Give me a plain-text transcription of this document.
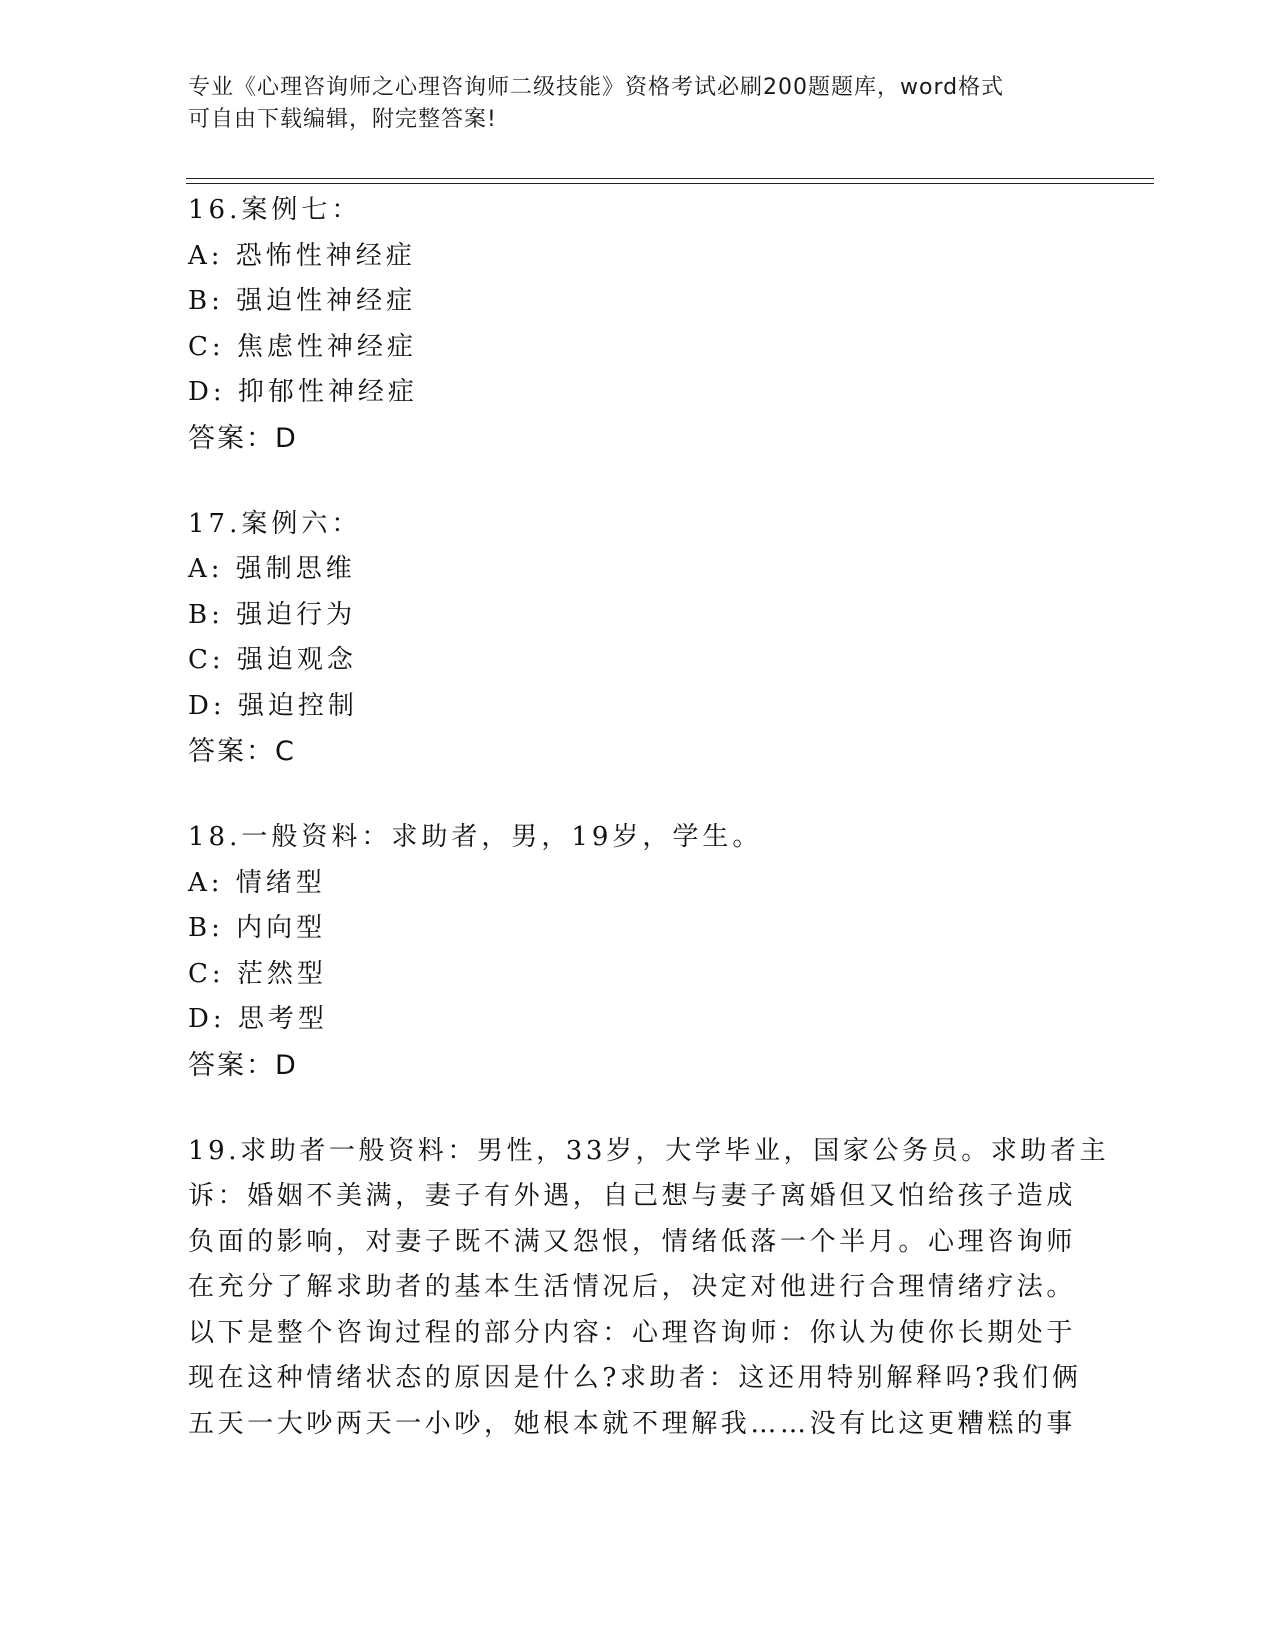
专业《心理咨询师之心理咨询师二级技能》资格考试必刷200题题库，word格式
可自由下载编辑，附完整答案!
16.案例七：
A: 恐怖性神经症
B: 强迫性神经症
C: 焦虑性神经症
D: 抑郁性神经症
答案：D
17.案例六：
A: 强制思维
B: 强迫行为
C: 强迫观念
D: 强迫控制
答案：C
18.一般资料：求助者，男，19岁，学生。
A: 情绪型
B: 内向型
C: 茫然型
D: 思考型
答案：D
19.求助者一般资料：男性，33岁，大学毕业，国家公务员。求助者主
诉：婚姻不美满，妻子有外遇，自己想与妻子离婚但又怕给孩子造成
负面的影响，对妻子既不满又怨恨，情绪低落一个半月。心理咨询师
在充分了解求助者的基本生活情况后，决定对他进行合理情绪疗法。
以下是整个咨询过程的部分内容：心理咨询师：你认为使你长期处于
现在这种情绪状态的原因是什么?求助者：这还用特别解释吗?我们俩
五天一大吵两天一小吵，她根本就不理解我……没有比这更糟糕的事
